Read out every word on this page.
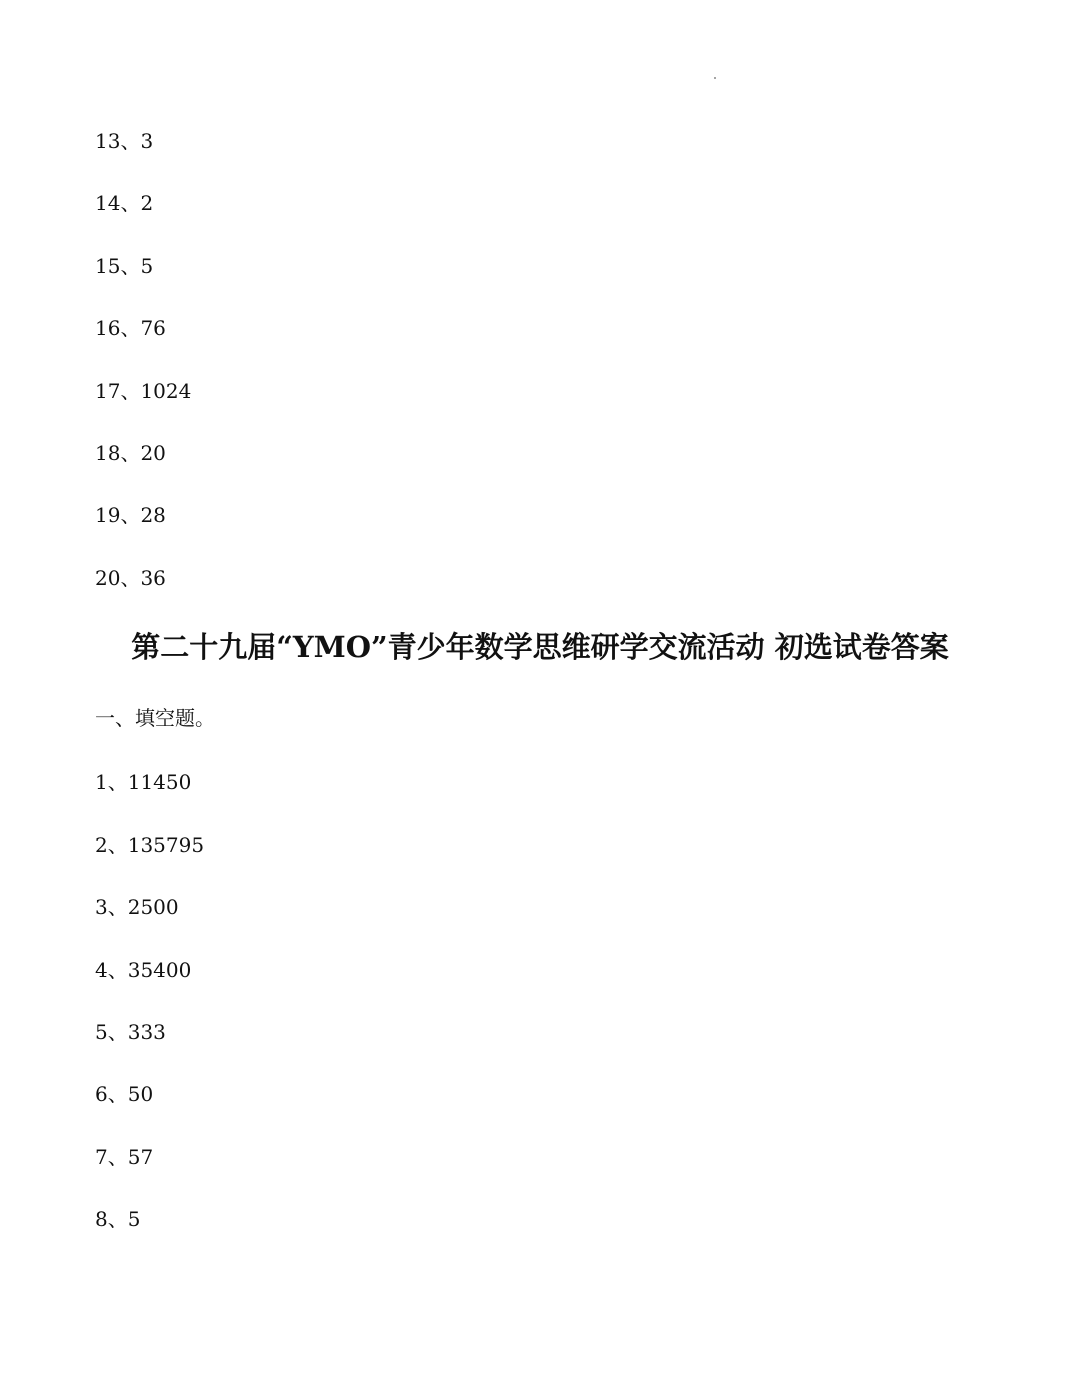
13、3
14、2
15、5
16、76
17、1024
18、20
19、28
20、36
第二十九届“YMO”青少年数学思维研学交流活动 初选试卷答案
一、填空题。
1、11450
2、135795
3、2500
4、35400
5、333
6、50
7、57
8、5
